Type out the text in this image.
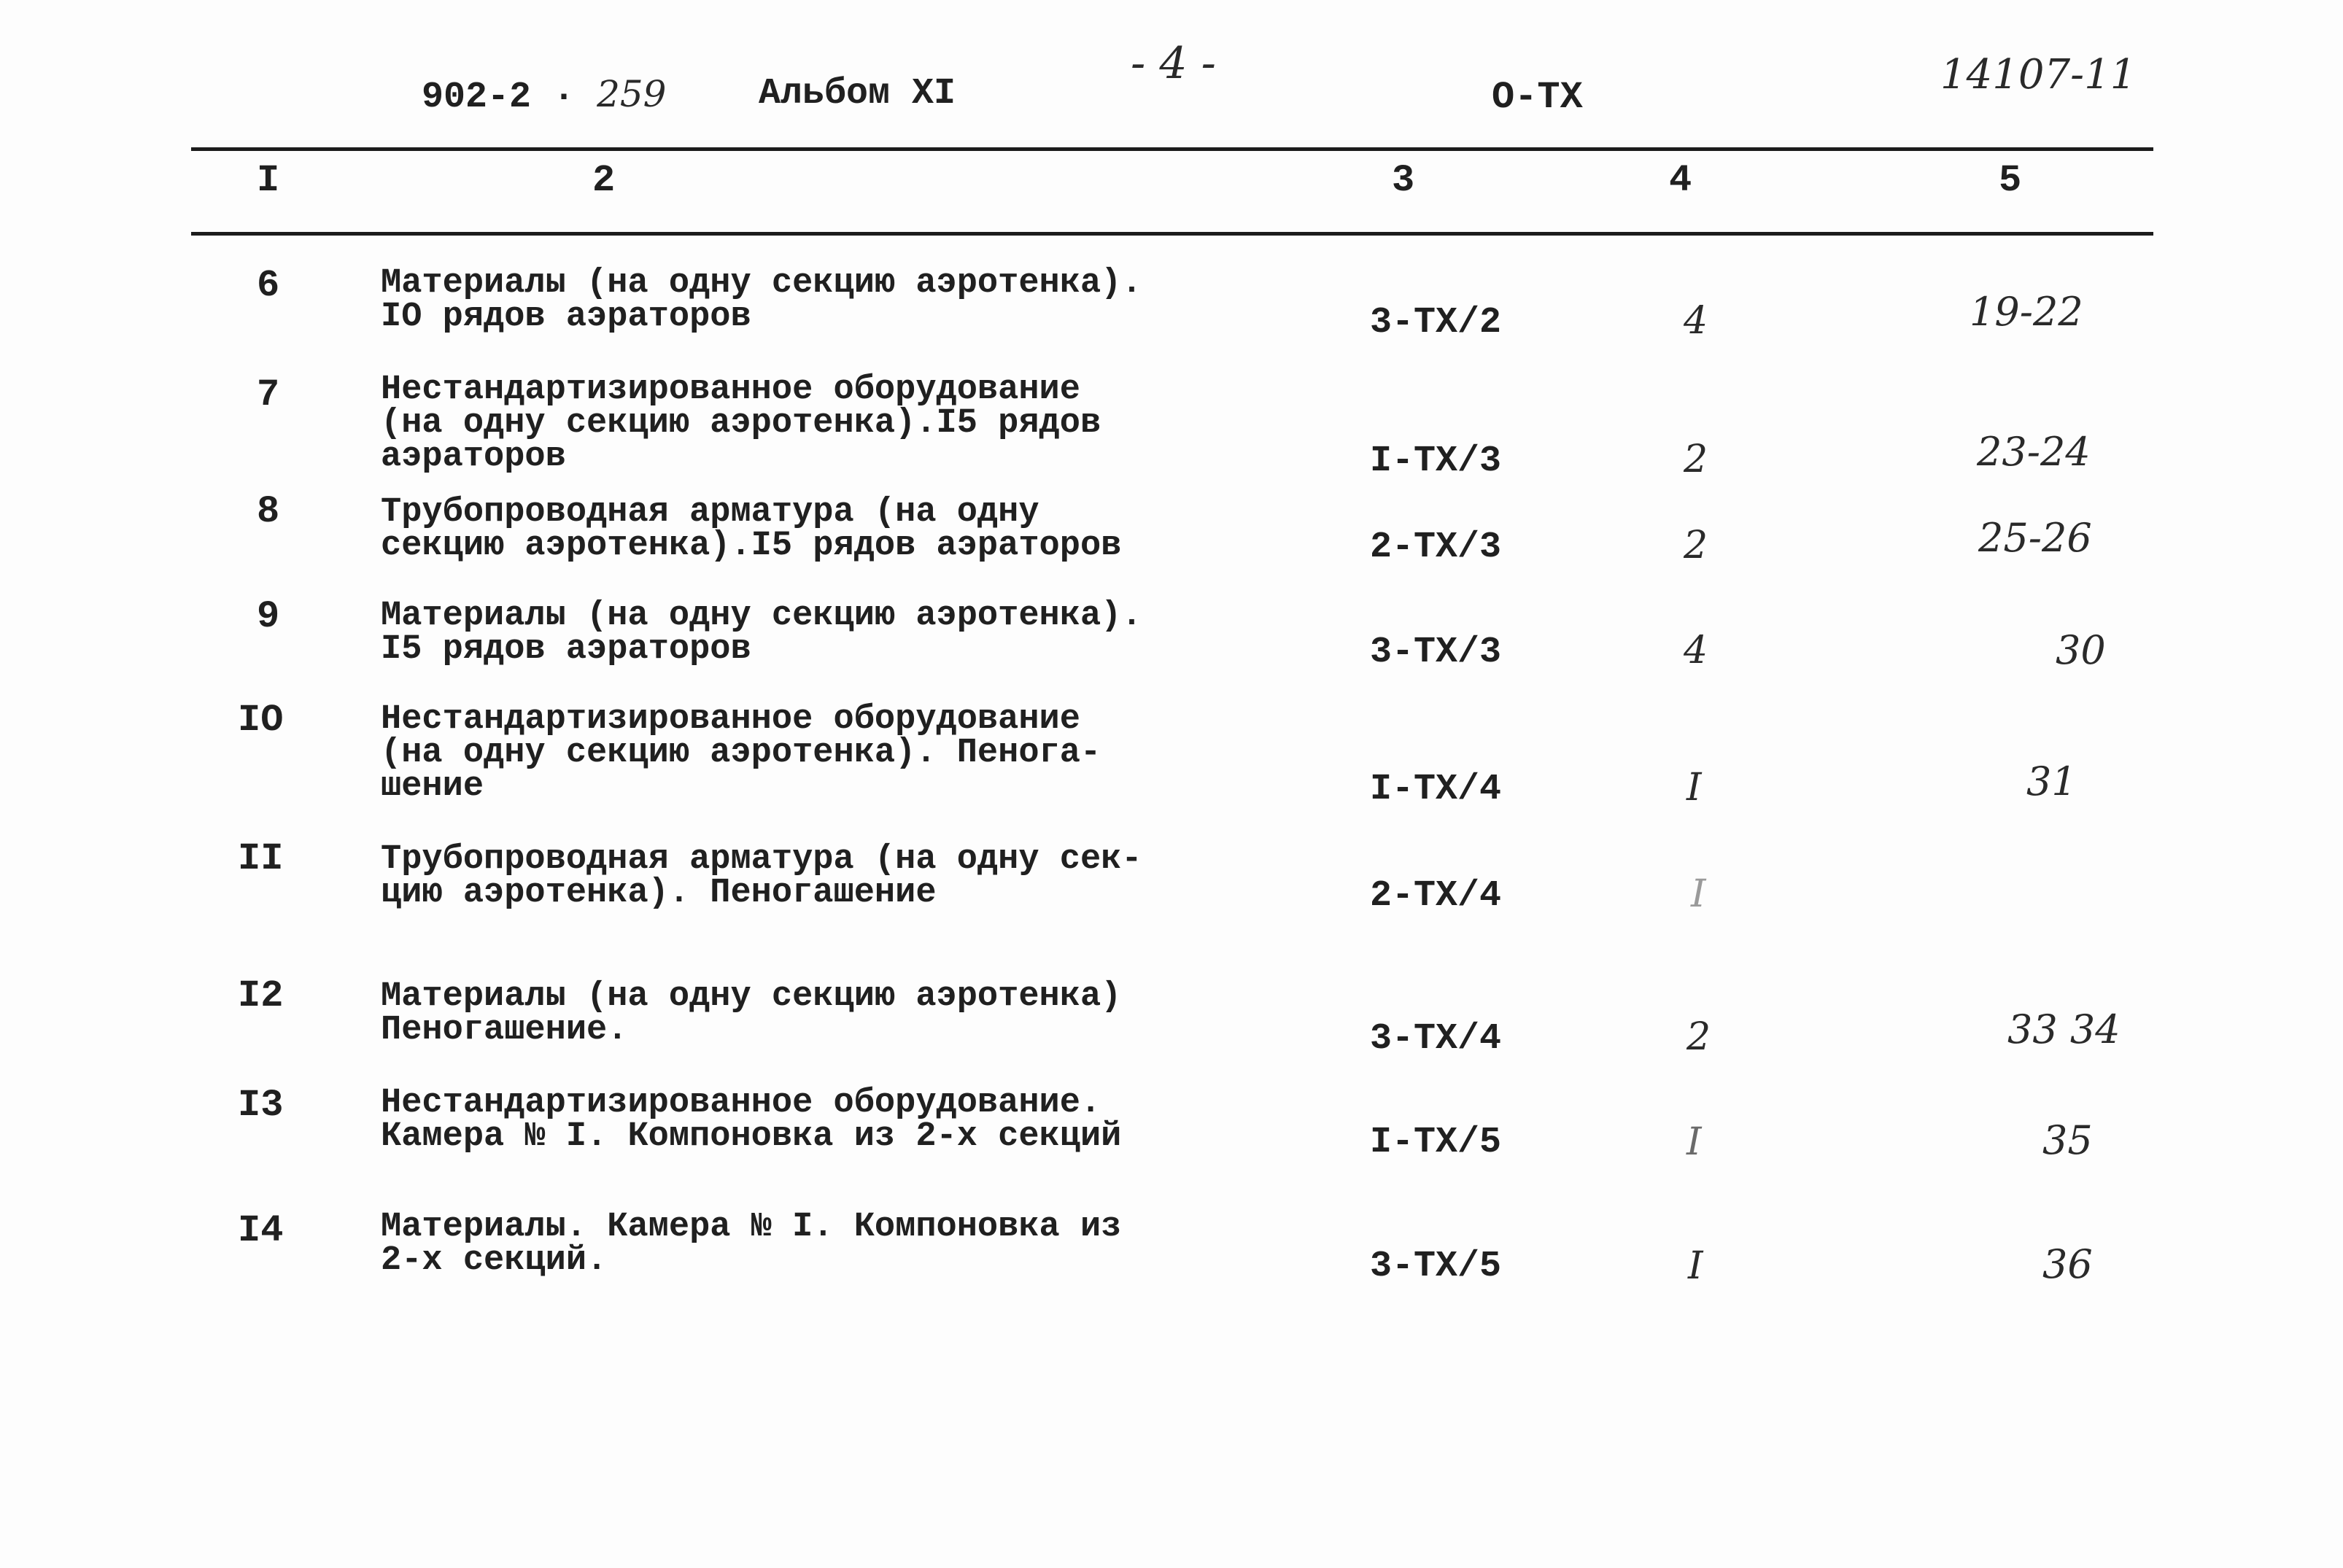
902-2 · 259	Альбом XI
- 4 -
О-ТХ	14107-11
I	2	3	4	5
6	Материалы (на одну секцию аэротенка).
IO рядов аэраторов	3-ТХ/2	4	19-22
7	Нестандартизированное оборудование
(на одну секцию аэротенка).I5 рядов
аэраторов	I-ТХ/3	2	23-24
8	Трубопроводная арматура (на одну
секцию аэротенка).I5 рядов аэраторов	2-ТХ/3	2	25-26
9	Материалы (на одну секцию аэротенка).
I5 рядов аэраторов	3-ТХ/3	4	30
IO	Нестандартизированное оборудование
(на одну секцию аэротенка). Пенога-
шение	I-ТХ/4	I	31
II	Трубопроводная арматура (на одну сек-
цию аэротенка). Пеногашение	2-ТХ/4	I
I2	Материалы (на одну секцию аэротенка)
Пеногашение.	3-ТХ/4	2	33 34
I3	Нестандартизированное оборудование.
Камера № I. Компоновка из 2-х секций	I-ТХ/5	I	35
I4	Материалы. Камера № I. Компоновка из
2-х секций.	3-ТХ/5	I	36
